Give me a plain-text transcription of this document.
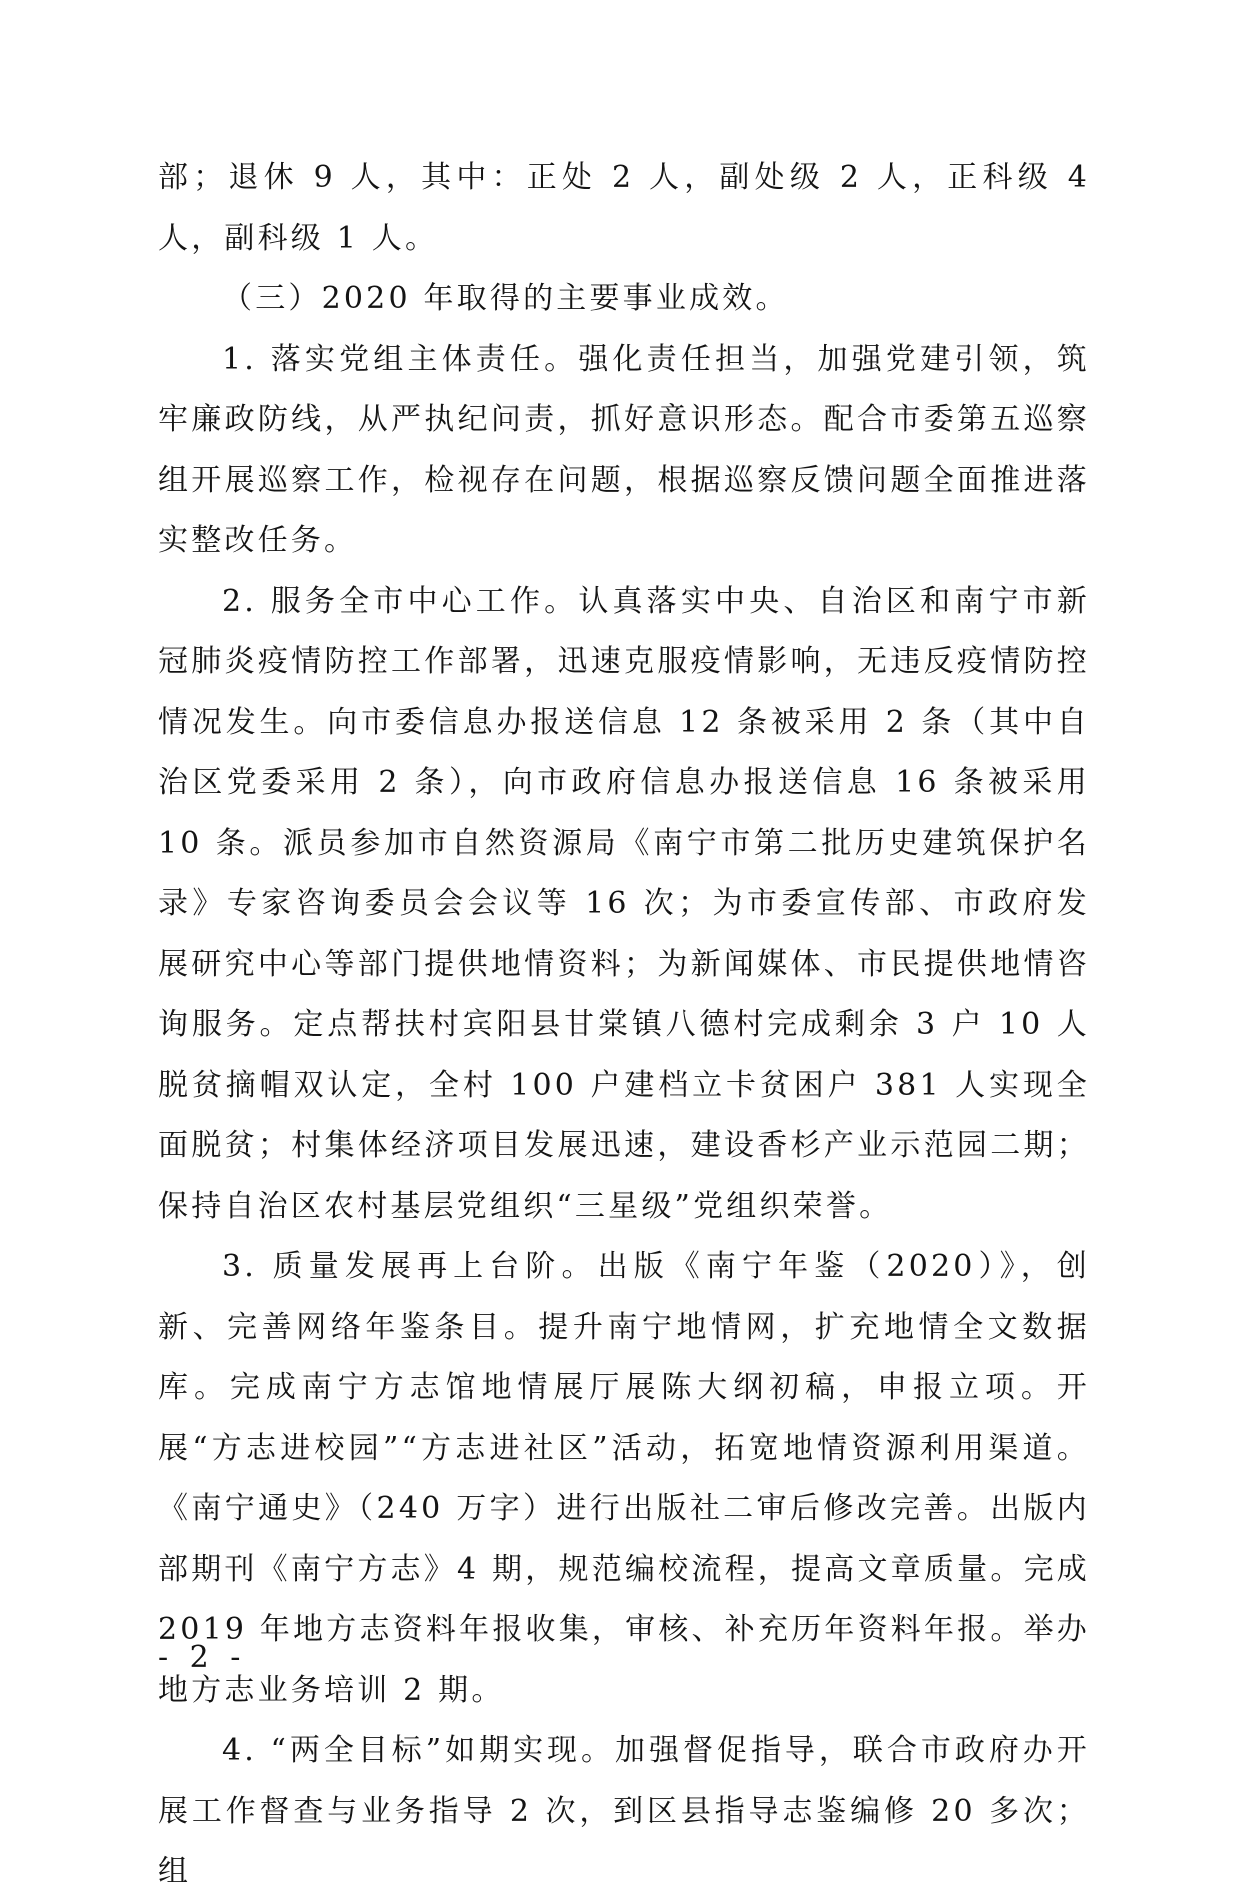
部；退休 9 人，其中：正处 2 人，副处级 2 人，正科级 4 人，副科级 1 人。

（三）2020 年取得的主要事业成效。

1. 落实党组主体责任。强化责任担当，加强党建引领，筑牢廉政防线，从严执纪问责，抓好意识形态。配合市委第五巡察组开展巡察工作，检视存在问题，根据巡察反馈问题全面推进落实整改任务。

2. 服务全市中心工作。认真落实中央、自治区和南宁市新冠肺炎疫情防控工作部署，迅速克服疫情影响，无违反疫情防控情况发生。向市委信息办报送信息 12 条被采用 2 条（其中自治区党委采用 2 条），向市政府信息办报送信息 16 条被采用 10 条。派员参加市自然资源局《南宁市第二批历史建筑保护名录》专家咨询委员会会议等 16 次；为市委宣传部、市政府发展研究中心等部门提供地情资料；为新闻媒体、市民提供地情咨询服务。定点帮扶村宾阳县甘棠镇八德村完成剩余 3 户 10 人脱贫摘帽双认定，全村 100 户建档立卡贫困户 381 人实现全面脱贫；村集体经济项目发展迅速，建设香杉产业示范园二期；保持自治区农村基层党组织“三星级”党组织荣誉。

3. 质量发展再上台阶。出版《南宁年鉴（2020）》，创新、完善网络年鉴条目。提升南宁地情网，扩充地情全文数据库。完成南宁方志馆地情展厅展陈大纲初稿，申报立项。开展“方志进校园”“方志进社区”活动，拓宽地情资源利用渠道。《南宁通史》（240 万字）进行出版社二审后修改完善。出版内部期刊《南宁方志》4 期，规范编校流程，提高文章质量。完成 2019 年地方志资料年报收集，审核、补充历年资料年报。举办地方志业务培训 2 期。

4. “两全目标”如期实现。加强督促指导，联合市政府办开展工作督查与业务指导 2 次，到区县指导志鉴编修 20 多次；组

- 2 -
